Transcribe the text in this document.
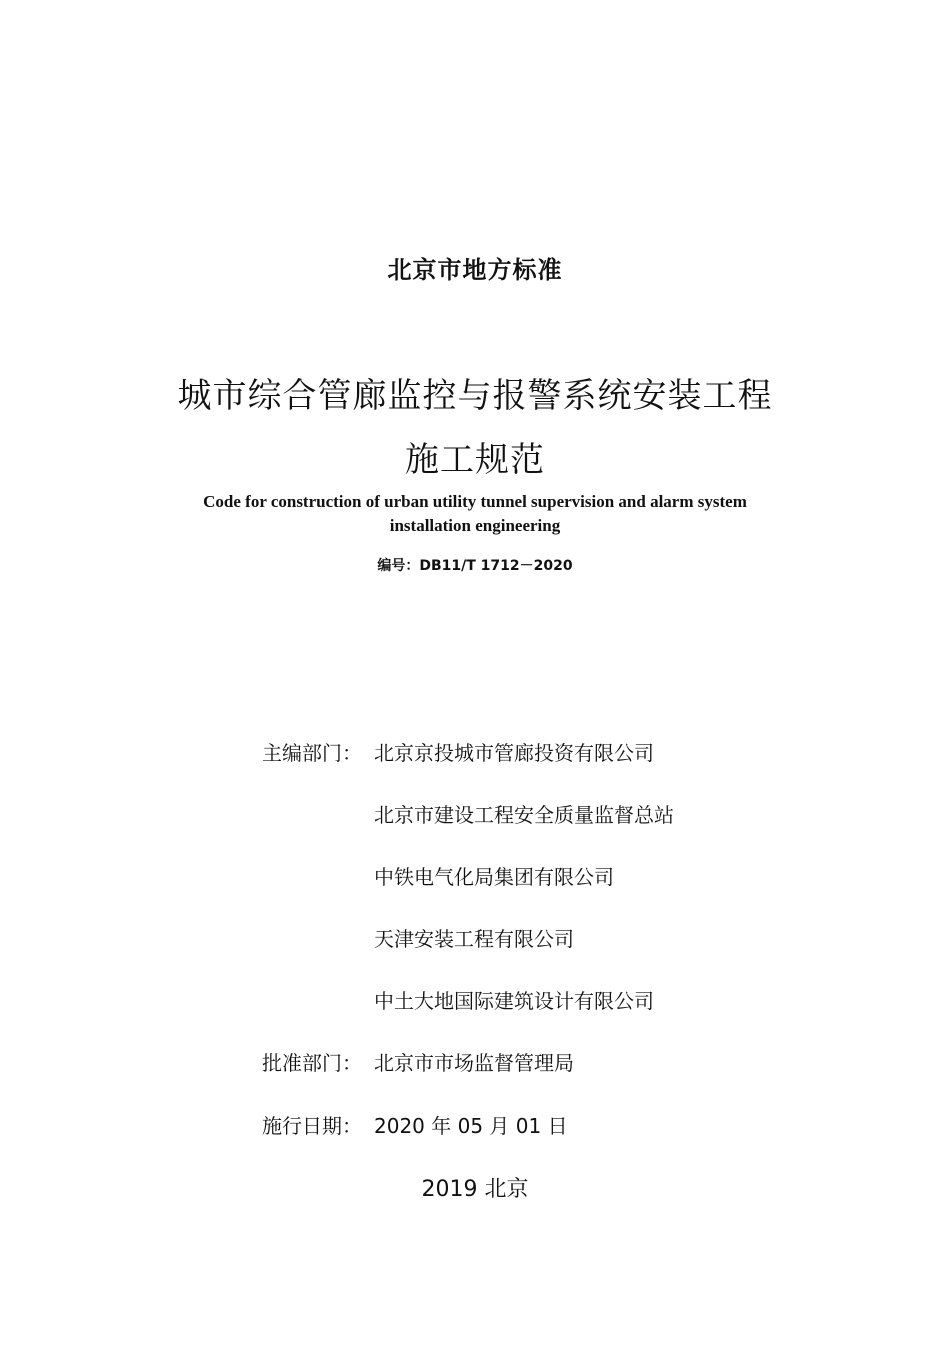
北京市地方标准
城市综合管廊监控与报警系统安装工程
施工规范
Code for construction of urban utility tunnel supervision and alarm system
installation engineering
编号：DB11/T 1712－2020
主编部门： 北京京投城市管廊投资有限公司
北京市建设工程安全质量监督总站
中铁电气化局集团有限公司
天津安装工程有限公司
中土大地国际建筑设计有限公司
批准部门： 北京市市场监督管理局
施行日期： 2020 年 05 月 01 日
2019 北京
